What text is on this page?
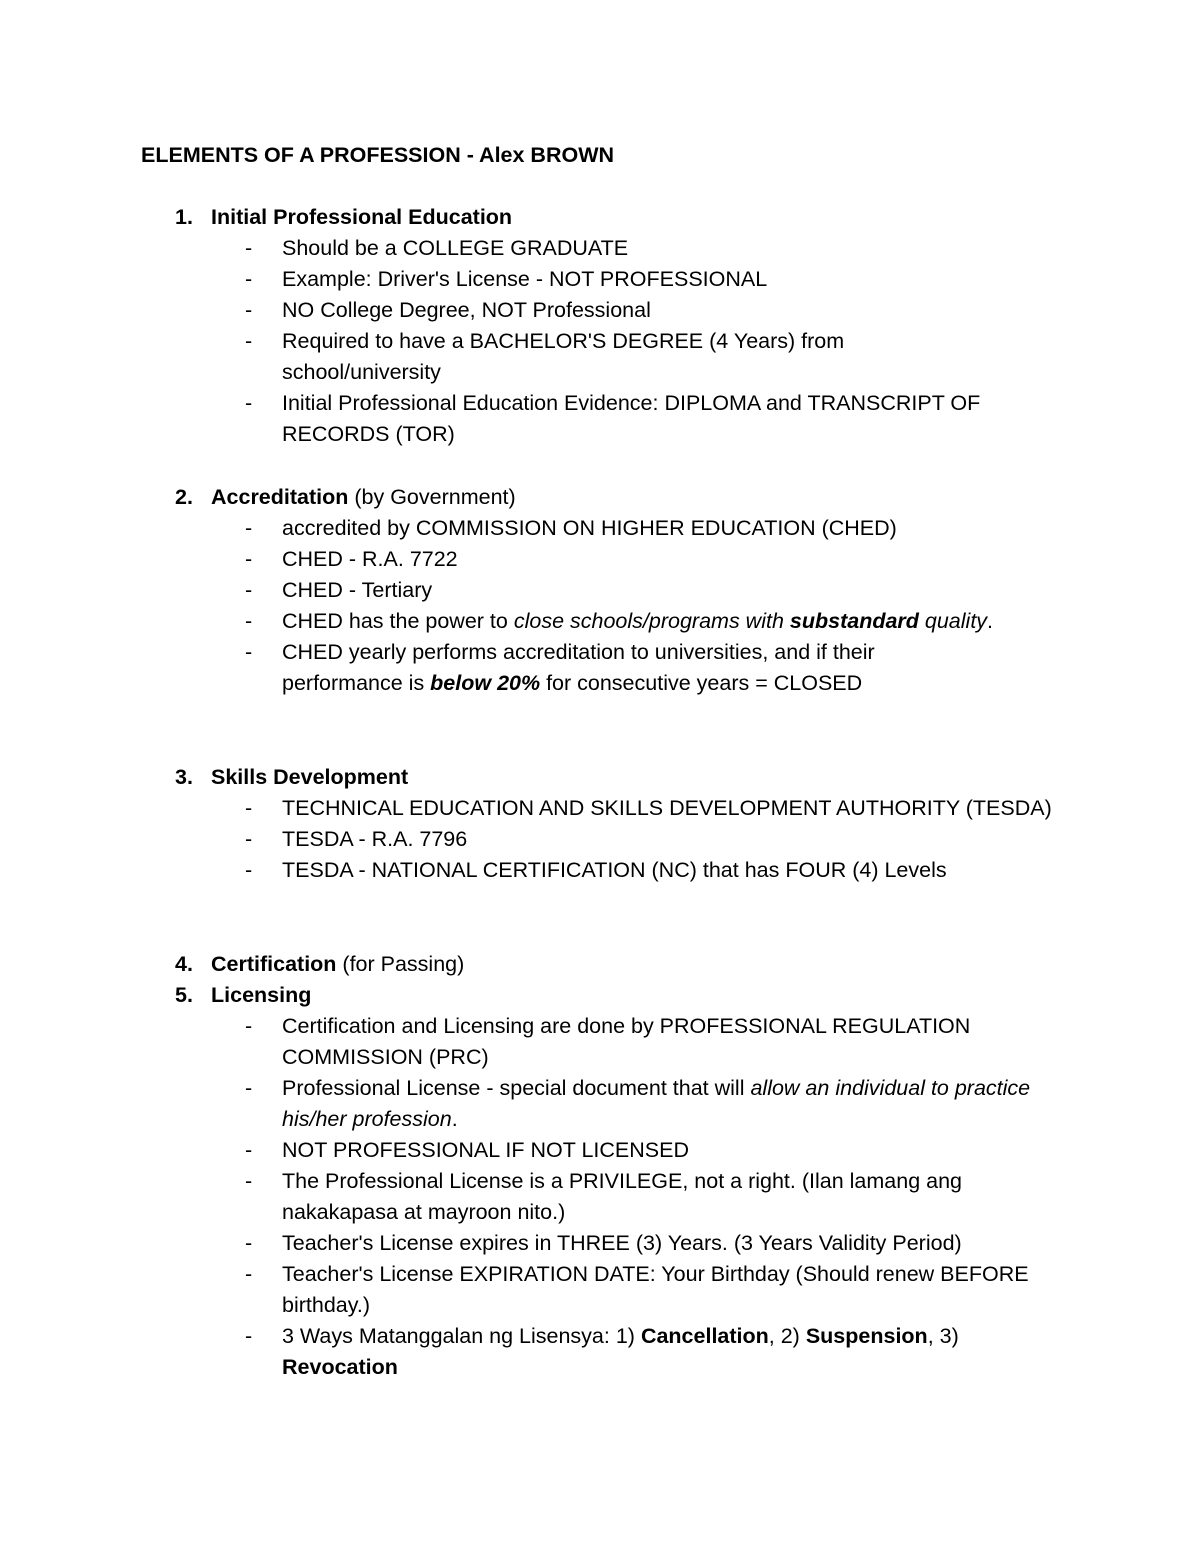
ELEMENTS OF A PROFESSION - Alex BROWN
1. Initial Professional Education
- Should be a COLLEGE GRADUATE
- Example: Driver's License - NOT PROFESSIONAL
- NO College Degree, NOT Professional
- Required to have a BACHELOR'S DEGREE (4 Years) from school/university
- Initial Professional Education Evidence: DIPLOMA and TRANSCRIPT OF RECORDS (TOR)
2. Accreditation (by Government)
- accredited by COMMISSION ON HIGHER EDUCATION (CHED)
- CHED - R.A. 7722
- CHED - Tertiary
- CHED has the power to close schools/programs with substandard quality.
- CHED yearly performs accreditation to universities, and if their performance is below 20% for consecutive years = CLOSED
3. Skills Development
- TECHNICAL EDUCATION AND SKILLS DEVELOPMENT AUTHORITY (TESDA)
- TESDA - R.A. 7796
- TESDA - NATIONAL CERTIFICATION (NC) that has FOUR (4) Levels
4. Certification (for Passing)
5. Licensing
- Certification and Licensing are done by PROFESSIONAL REGULATION COMMISSION (PRC)
- Professional License - special document that will allow an individual to practice his/her profession.
- NOT PROFESSIONAL IF NOT LICENSED
- The Professional License is a PRIVILEGE, not a right. (Ilan lamang ang nakakapasa at mayroon nito.)
- Teacher's License expires in THREE (3) Years. (3 Years Validity Period)
- Teacher's License EXPIRATION DATE: Your Birthday (Should renew BEFORE birthday.)
- 3 Ways Matanggalan ng Lisensya: 1) Cancellation, 2) Suspension, 3) Revocation
